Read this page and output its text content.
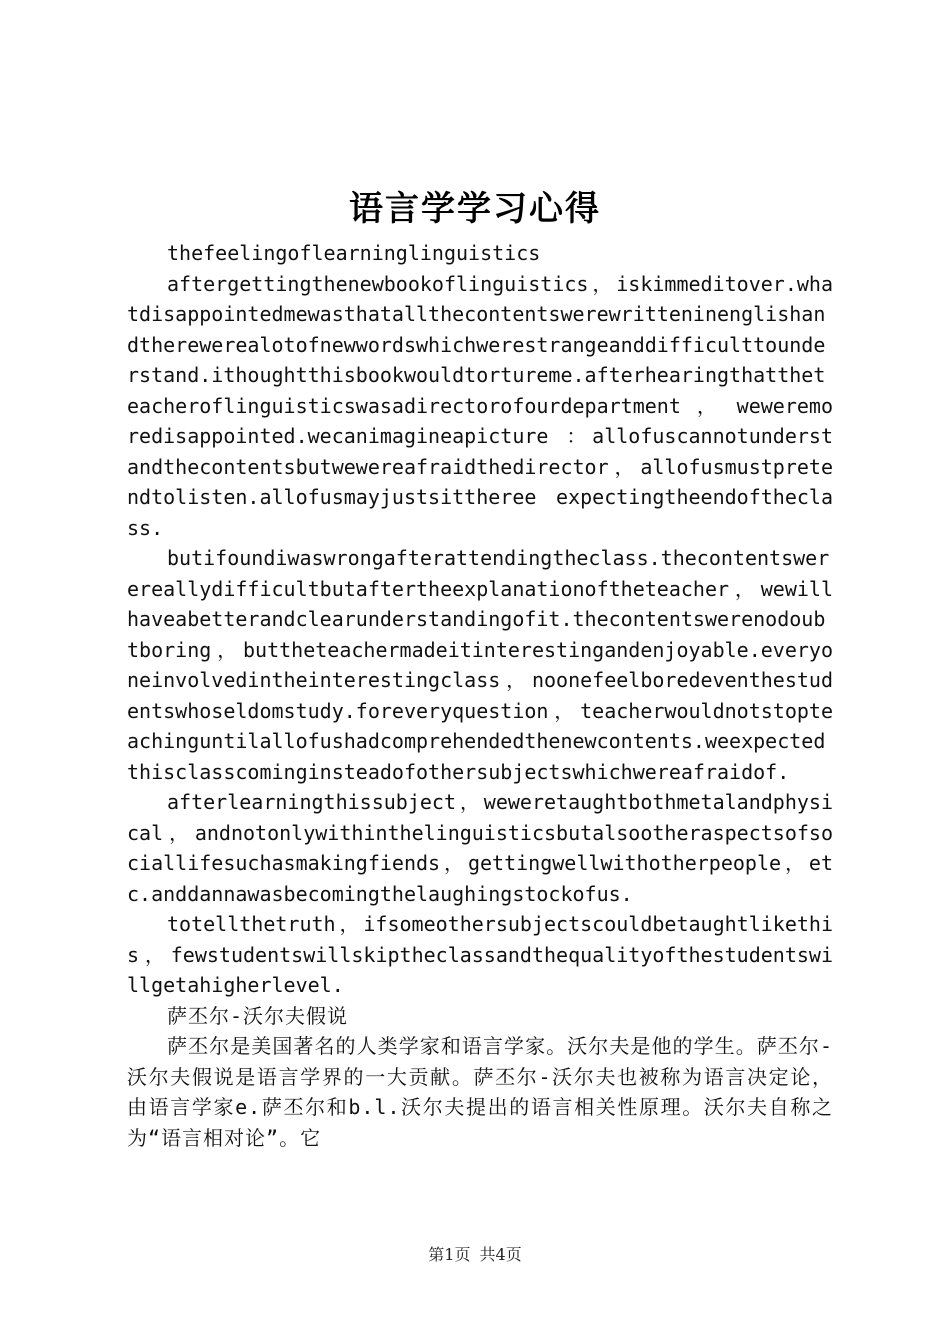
语言学学习心得

thefeelingoflearninglinguistics

aftergettingthenewbookoflinguistics，iskimmeditover.whatdisappointedmewasthatallthecontentswerewritteninenglishandtherewerealotofnewwordswhichwerestrangeanddifficulttounderstand.ithoughtthisbookwouldtortureme.afterhearingthattheteacheroflinguisticswasadirectorofourdepartment ， weweremoredisappointed.wecanimagineapicture ：allofuscannotunderstandthecontentsbutwewereafraidthedirector，allofusmustpretendtolisten.allofusmayjustsittheree expectingtheendoftheclass.

butifoundiwaswrongafterattendingtheclass.thecontentswerereallydifficultbutaftertheexplanationoftheteacher，wewillhaveabetterandclearunderstandingofit.thecontentswerenodoubtboring，buttheteachermadeitinterestingandenjoyable.everyoneinvolvedintheinterestingclass，noonefeelboredeventhestudentswhoseldomstudy.foreveryquestion，teacherwouldnotstopteachinguntilallofushadcomprehendedthenewcontents.weexpectedthisclasscominginsteadofothersubjectswhichwereafraidof.

afterlearningthissubject，weweretaughtbothmetalandphysical，andnotonlywithinthelinguisticsbutalsootheraspectsofsociallifesuchasmakingfiends，gettingwellwithotherpeople，etc.anddannawasbecomingthelaughingstockofus.

totellthetruth，ifsomeothersubjectscouldbetaughtlikethis，fewstudentswillskiptheclassandthequalityofthestudentswillgetahigherlevel.

萨丕尔-沃尔夫假说

萨丕尔是美国著名的人类学家和语言学家。沃尔夫是他的学生。萨丕尔-沃尔夫假说是语言学界的一大贡献。萨丕尔-沃尔夫也被称为语言决定论，由语言学家e.萨丕尔和b.l.沃尔夫提出的语言相关性原理。沃尔夫自称之为“语言相对论”。它

第1页 共4页
